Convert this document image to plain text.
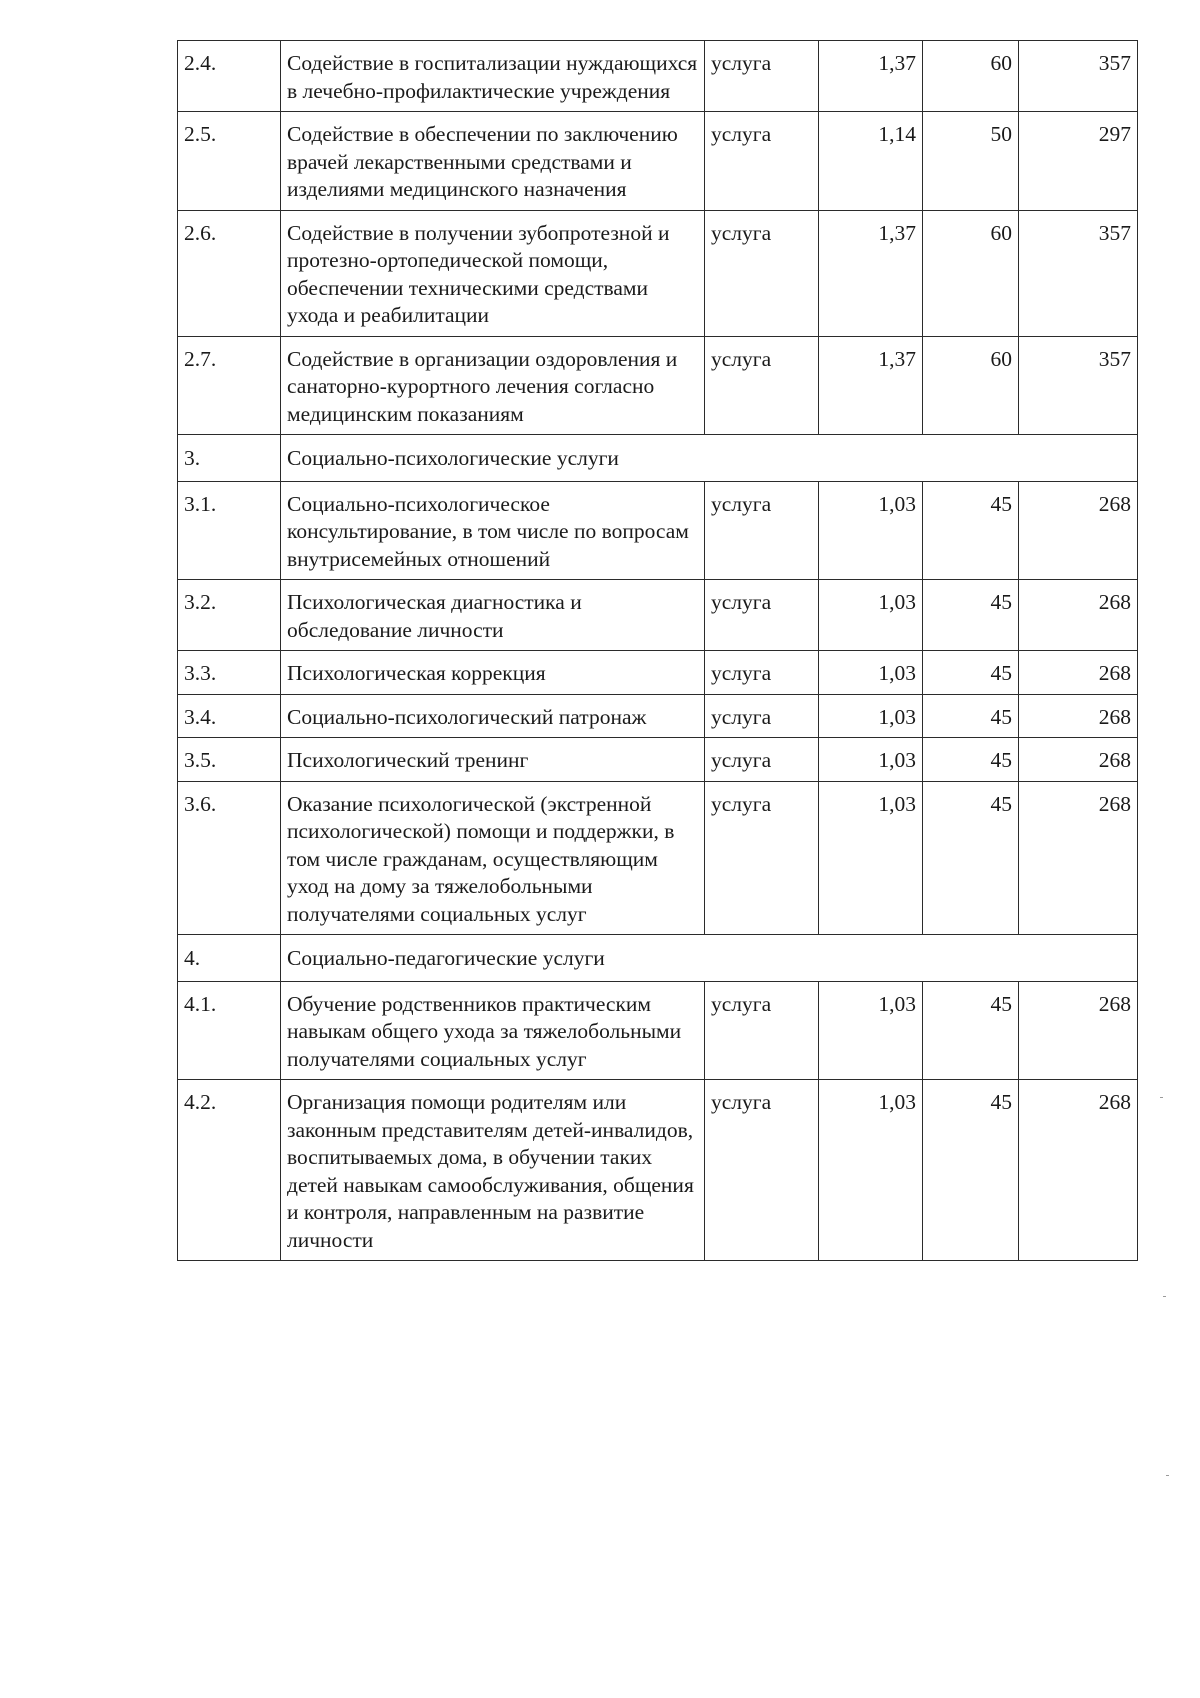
2.4.	Содействие в госпитализации нуждающихся в лечебно-профилактические учреждения	услуга	1,37	60	357
2.5.	Содействие в обеспечении по заключению врачей лекарственными средствами и изделиями медицинского назначения	услуга	1,14	50	297
2.6.	Содействие в получении зубопротезной и протезно-ортопедической помощи, обеспечении техническими средствами ухода и реабилитации	услуга	1,37	60	357
2.7.	Содействие в организации оздоровления и санаторно-курортного лечения согласно медицинским показаниям	услуга	1,37	60	357
3.	Социально-психологические услуги				
3.1.	Социально-психологическое консультирование, в том числе по вопросам внутрисемейных отношений	услуга	1,03	45	268
3.2.	Психологическая диагностика и обследование личности	услуга	1,03	45	268
3.3.	Психологическая коррекция	услуга	1,03	45	268
3.4.	Социально-психологический патронаж	услуга	1,03	45	268
3.5.	Психологический тренинг	услуга	1,03	45	268
3.6.	Оказание психологической (экстренной психологической) помощи и поддержки, в том числе гражданам, осуществляющим уход на дому за тяжелобольными получателями социальных услуг	услуга	1,03	45	268
4.	Социально-педагогические услуги				
4.1.	Обучение родственников практическим навыкам общего ухода за тяжелобольными получателями социальных услуг	услуга	1,03	45	268
4.2.	Организация помощи родителям или законным представителям детей-инвалидов, воспитываемых дома, в обучении таких детей навыкам самообслуживания, общения и контроля, направленным на развитие личности	услуга	1,03	45	268
